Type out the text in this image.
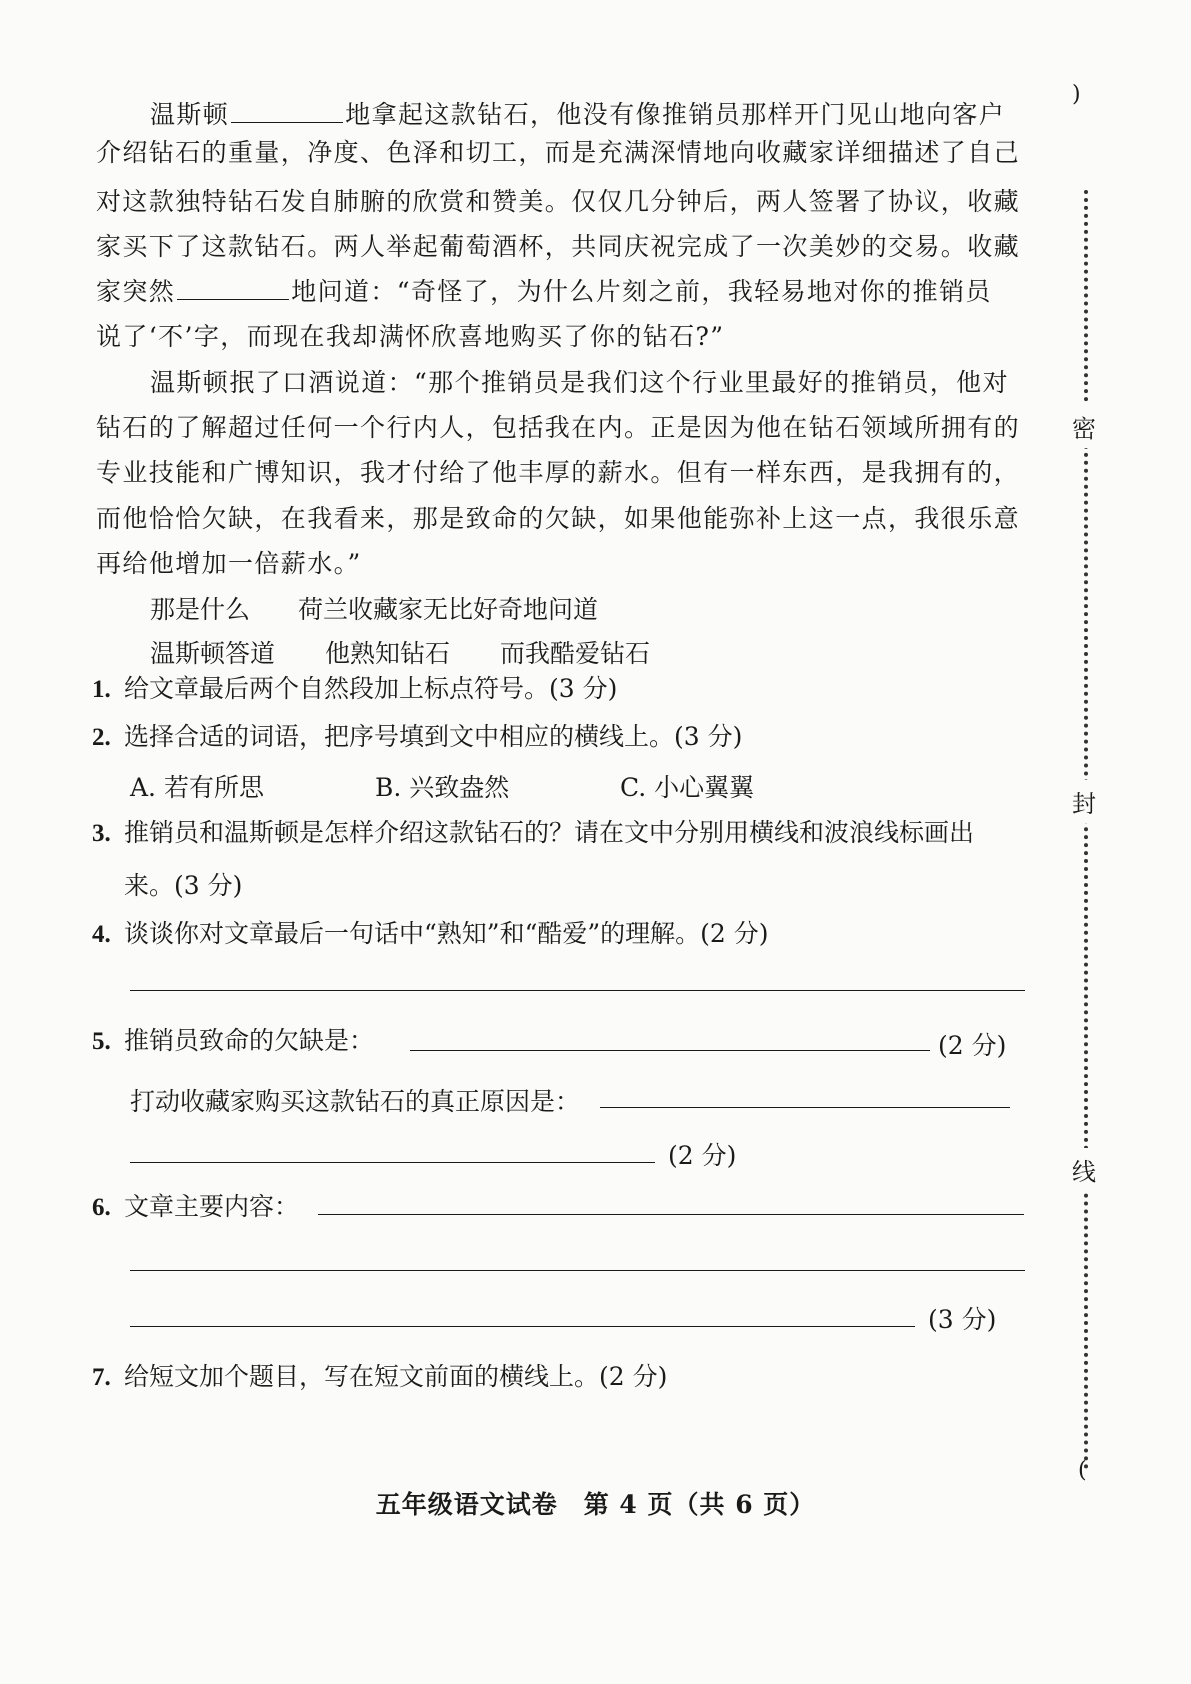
温斯顿	地拿起这款钻石，他没有像推销员那样开门见山地向客户
介绍钻石的重量，净度、色泽和切工，而是充满深情地向收藏家详细描述了自己
对这款独特钻石发自肺腑的欣赏和赞美。仅仅几分钟后，两人签署了协议，收藏
家买下了这款钻石。两人举起葡萄酒杯，共同庆祝完成了一次美妙的交易。收藏
家突然	地问道：“奇怪了，为什么片刻之前，我轻易地对你的推销员
说了‘不’字，而现在我却满怀欣喜地购买了你的钻石?”
温斯顿抿了口酒说道：“那个推销员是我们这个行业里最好的推销员，他对
钻石的了解超过任何一个行内人，包括我在内。正是因为他在钻石领域所拥有的
专业技能和广博知识，我才付给了他丰厚的薪水。但有一样东西，是我拥有的，
而他恰恰欠缺，在我看来，那是致命的欠缺，如果他能弥补上这一点，我很乐意
再给他增加一倍薪水。”
那是什么 荷兰收藏家无比好奇地问道
温斯顿答道 他熟知钻石 而我酷爱钻石
1. 给文章最后两个自然段加上标点符号。(3 分)
2. 选择合适的词语，把序号填到文中相应的横线上。(3 分)
A. 若有所思	B. 兴致盎然	C. 小心翼翼
3. 推销员和温斯顿是怎样介绍这款钻石的？请在文中分别用横线和波浪线标画出
来。(3 分)
4. 谈谈你对文章最后一句话中“熟知”和“酷爱”的理解。(2 分)
5. 推销员致命的欠缺是：	(2 分)
打动收藏家购买这款钻石的真正原因是：
(2 分)
6. 文章主要内容：
(3 分)
7. 给短文加个题目，写在短文前面的横线上。(2 分)
五年级语文试卷　第 4 页（共 6 页）
)
密
封
线
(
